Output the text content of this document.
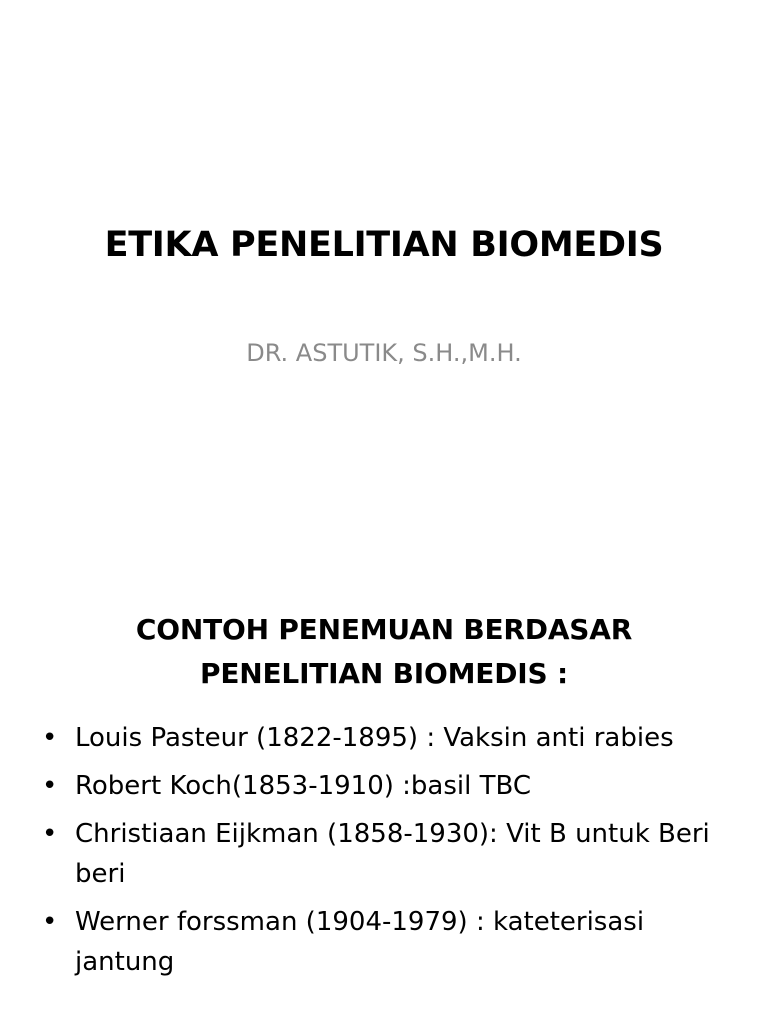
ETIKA PENELITIAN BIOMEDIS
DR. ASTUTIK, S.H.,M.H.
CONTOH PENEMUAN BERDASAR
PENELITIAN BIOMEDIS :
• Louis Pasteur (1822-1895) : Vaksin anti rabies
• Robert Koch(1853-1910) :basil TBC
• Christiaan Eijkman (1858-1930): Vit B untuk Beri beri
• Werner forssman (1904-1979) : kateterisasi jantung
